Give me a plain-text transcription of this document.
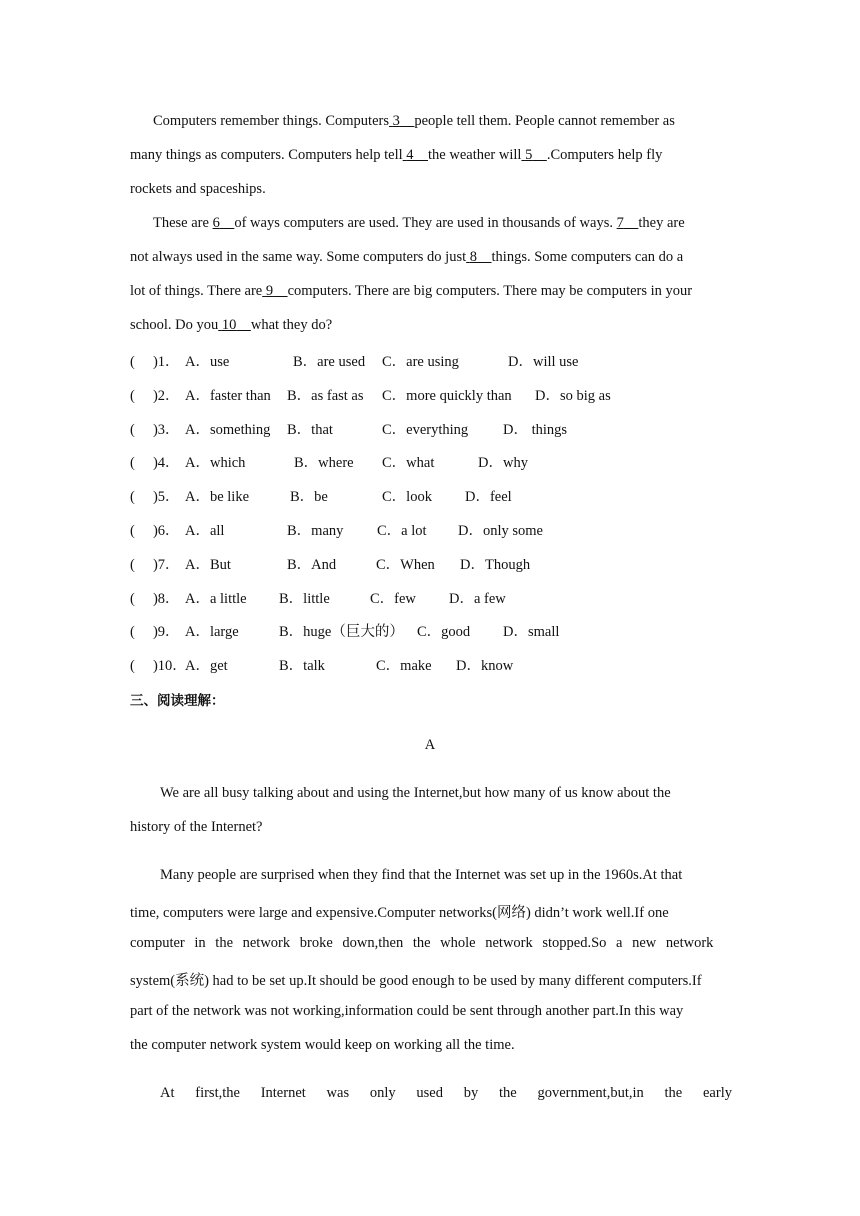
Computers remember things. Computers 3 people tell them. People cannot remember as
many things as computers. Computers help tell 4 the weather will 5 .Computers help fly
rockets and spaceships.
These are 6 of ways computers are used. They are used in thousands of ways. 7 they are
not always used in the same way. Some computers do just 8 things. Some computers can do a
lot of things. There are 9 computers. There are big computers. There may be computers in your
school. Do you 10 what they do?
(　 )1． A．use	B．are used C．are using	D．will use
(　 )2． A．faster than B．as fast as C．more quickly than D．so big as
(　 )3． A．something B．that	C．everything D． things
(　 )4． A．which	B．where C．what	D．why
(　 )5． A．be like	B．be	C．look D．feel
(　 )6． A．all	B．many C．a lot D．only some
(　 )7． A．But	B．And	C．When D．Though
(　 )8． A．a little B．little	C．few D．a few
(　 )9． A．large	B．huge（巨大的） C．good D．small
(　 )10．
A．get	B．talk	C．make D．know
三、阅读理解：
A
We are all busy talking about and using the Internet,but how many of us know about the
history of the Internet?
Many people are surprised when they find that the Internet was set up in the 1960s.At that
time, computers were large and expensive.Computer networks(网络) didn’t work well.If one
computer in the network broke down,then the whole network stopped.So a new network
system(系统) had to be set up.It should be good enough to be used by many different computers.If
part of the network was not working,information could be sent through another part.In this way
the computer network system would keep on working all the time.
At first,the Internet was only used by the government,but,in the early
